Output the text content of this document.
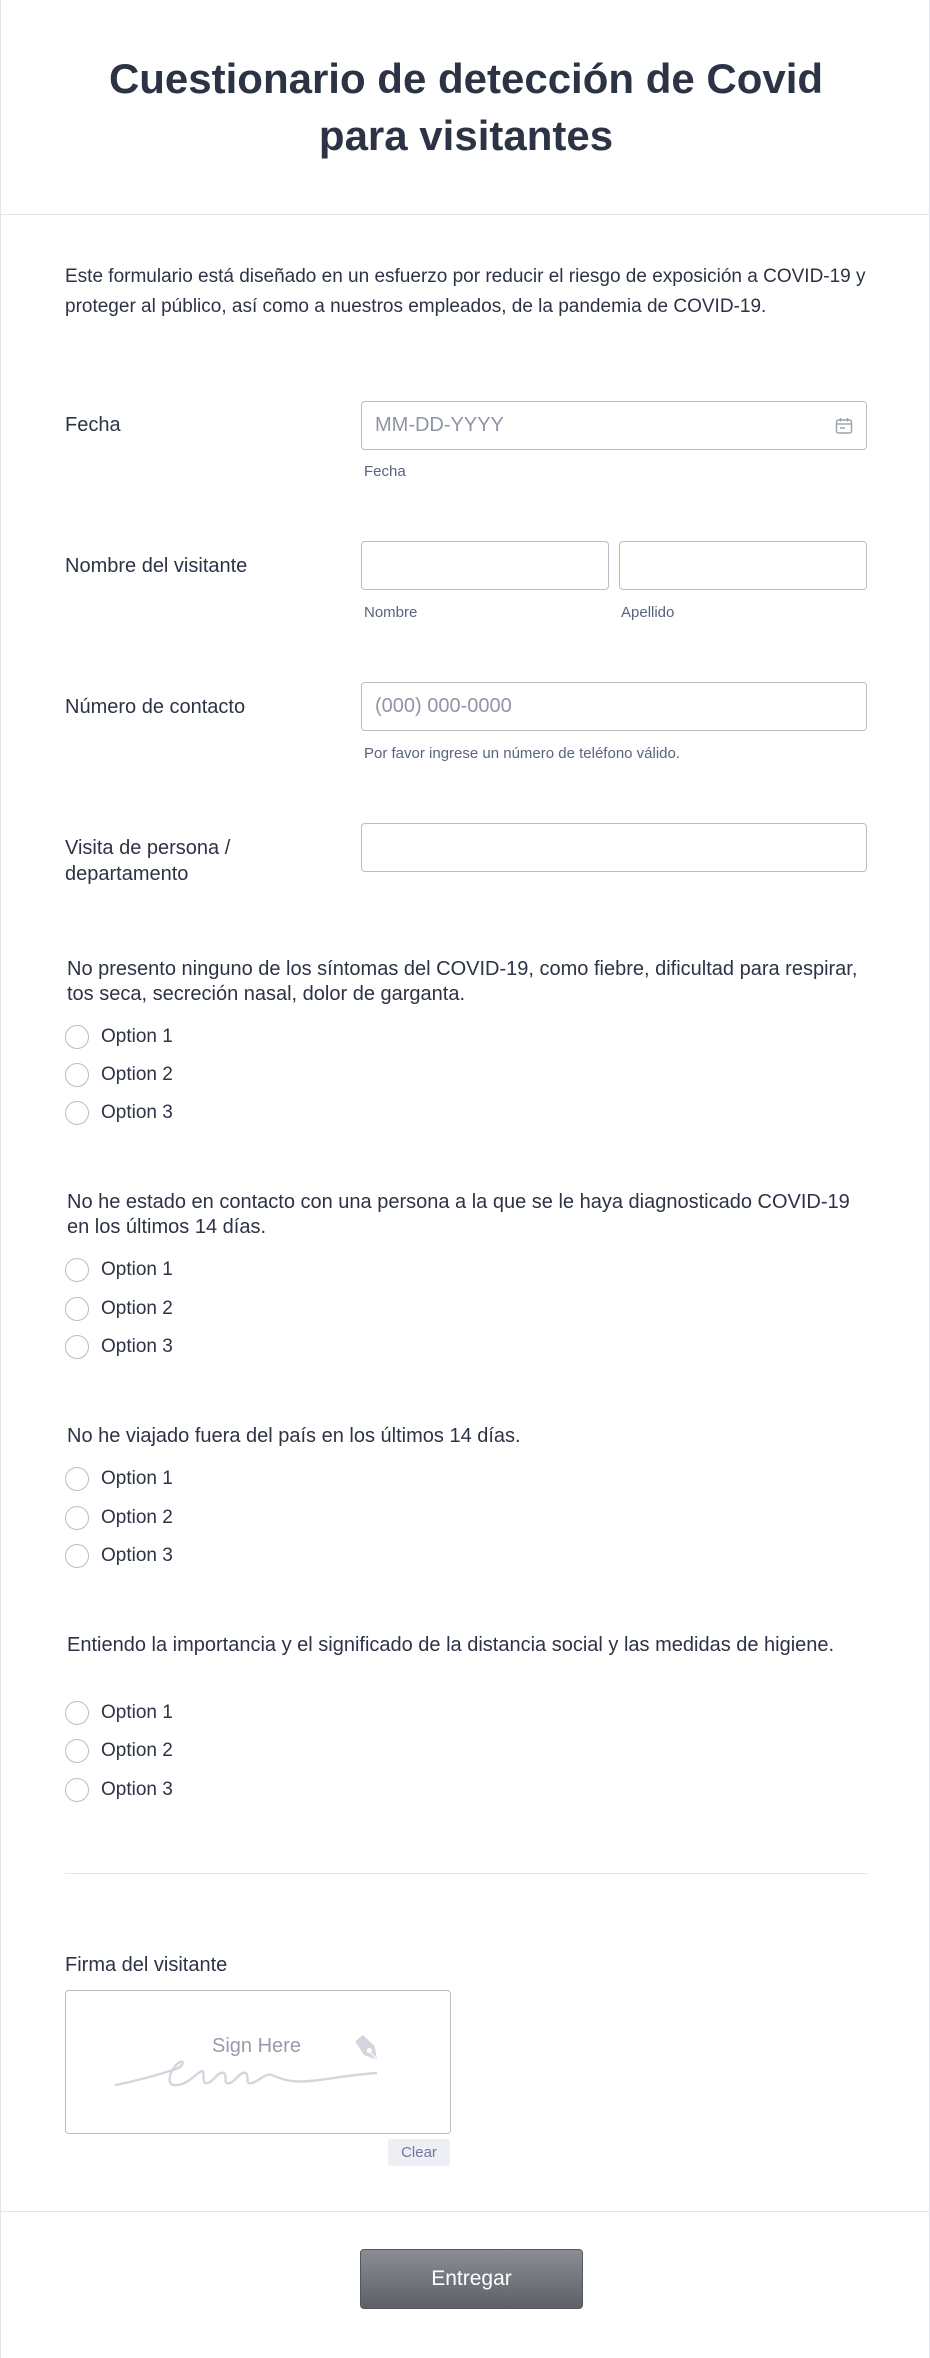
Cuestionario de detección de Covid para visitantes

Este formulario está diseñado en un esfuerzo por reducir el riesgo de exposición a COVID-19 y proteger al público, así como a nuestros empleados, de la pandemia de COVID-19.

Fecha	MM-DD-YYYY
Fecha
Nombre del visitante
Nombre	Apellido
Número de contacto	(000) 000-0000
Por favor ingrese un número de teléfono válido.
Visita de persona /
departamento
No presento ninguno de los síntomas del COVID-19, como fiebre, dificultad para respirar, tos seca, secreción nasal, dolor de garganta.
Option 1
Option 2
Option 3
No he estado en contacto con una persona a la que se le haya diagnosticado COVID-19 en los últimos 14 días.
Option 1
Option 2
Option 3
No he viajado fuera del país en los últimos 14 días.
Option 1
Option 2
Option 3
Entiendo la importancia y el significado de la distancia social y las medidas de higiene.
Option 1
Option 2
Option 3
Firma del visitante
Sign Here
Clear
Entregar
